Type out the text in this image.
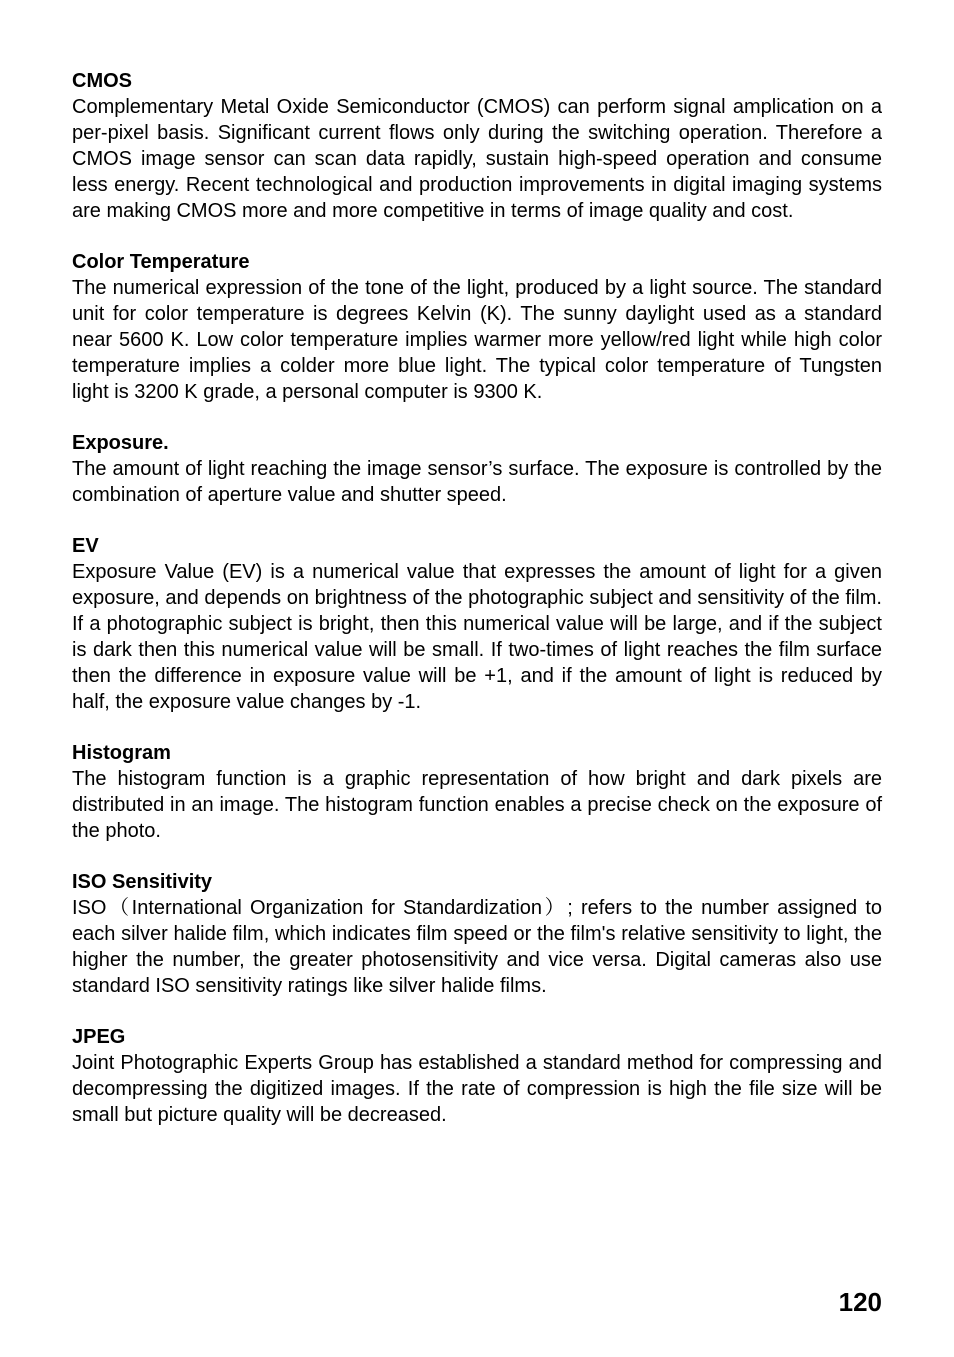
CMOS

Complementary Metal Oxide Semiconductor (CMOS) can perform signal amplication on a per-pixel basis. Significant current flows only during the switching operation. Therefore a CMOS image sensor can scan data rapidly, sustain high-speed operation and consume less energy. Recent technological and production improvements in digital imaging systems are making CMOS more and more competitive in terms of image quality and cost.

Color Temperature

The numerical expression of the tone of the light, produced by a light source. The standard unit for color temperature is degrees Kelvin (K). The sunny daylight used as a standard near 5600 K. Low color temperature implies warmer more yellow/red light while high color temperature implies a colder more blue light. The typical color temperature of Tungsten light is 3200 K grade, a personal computer is 9300 K.

Exposure.

The amount of light reaching the image sensor’s surface. The exposure is controlled by the combination of aperture value and shutter speed.

EV

Exposure Value (EV) is a numerical value that expresses the amount of light for a given exposure, and depends on brightness of the photographic subject and sensitivity of the film. If a photographic subject is bright, then this numerical value will be large, and if the subject is dark then this numerical value will be small. If two-times of light reaches the film surface then the difference in exposure value will be +1, and if the amount of light is reduced by half, the exposure value changes by -1.

Histogram

The histogram function is a graphic representation of how bright and dark pixels are distributed in an image. The histogram function enables a precise check on the exposure of the photo.

ISO Sensitivity

ISO（International Organization for Standardization）; refers to the number assigned to each silver halide film, which indicates film speed or the film's relative sensitivity to light, the higher the number, the greater photosensitivity and vice versa. Digital cameras also use standard ISO sensitivity ratings like silver halide films.

JPEG

Joint Photographic Experts Group has established a standard method for compressing and decompressing the digitized images. If the rate of compression is high the file size will be small but picture quality will be decreased.

120
